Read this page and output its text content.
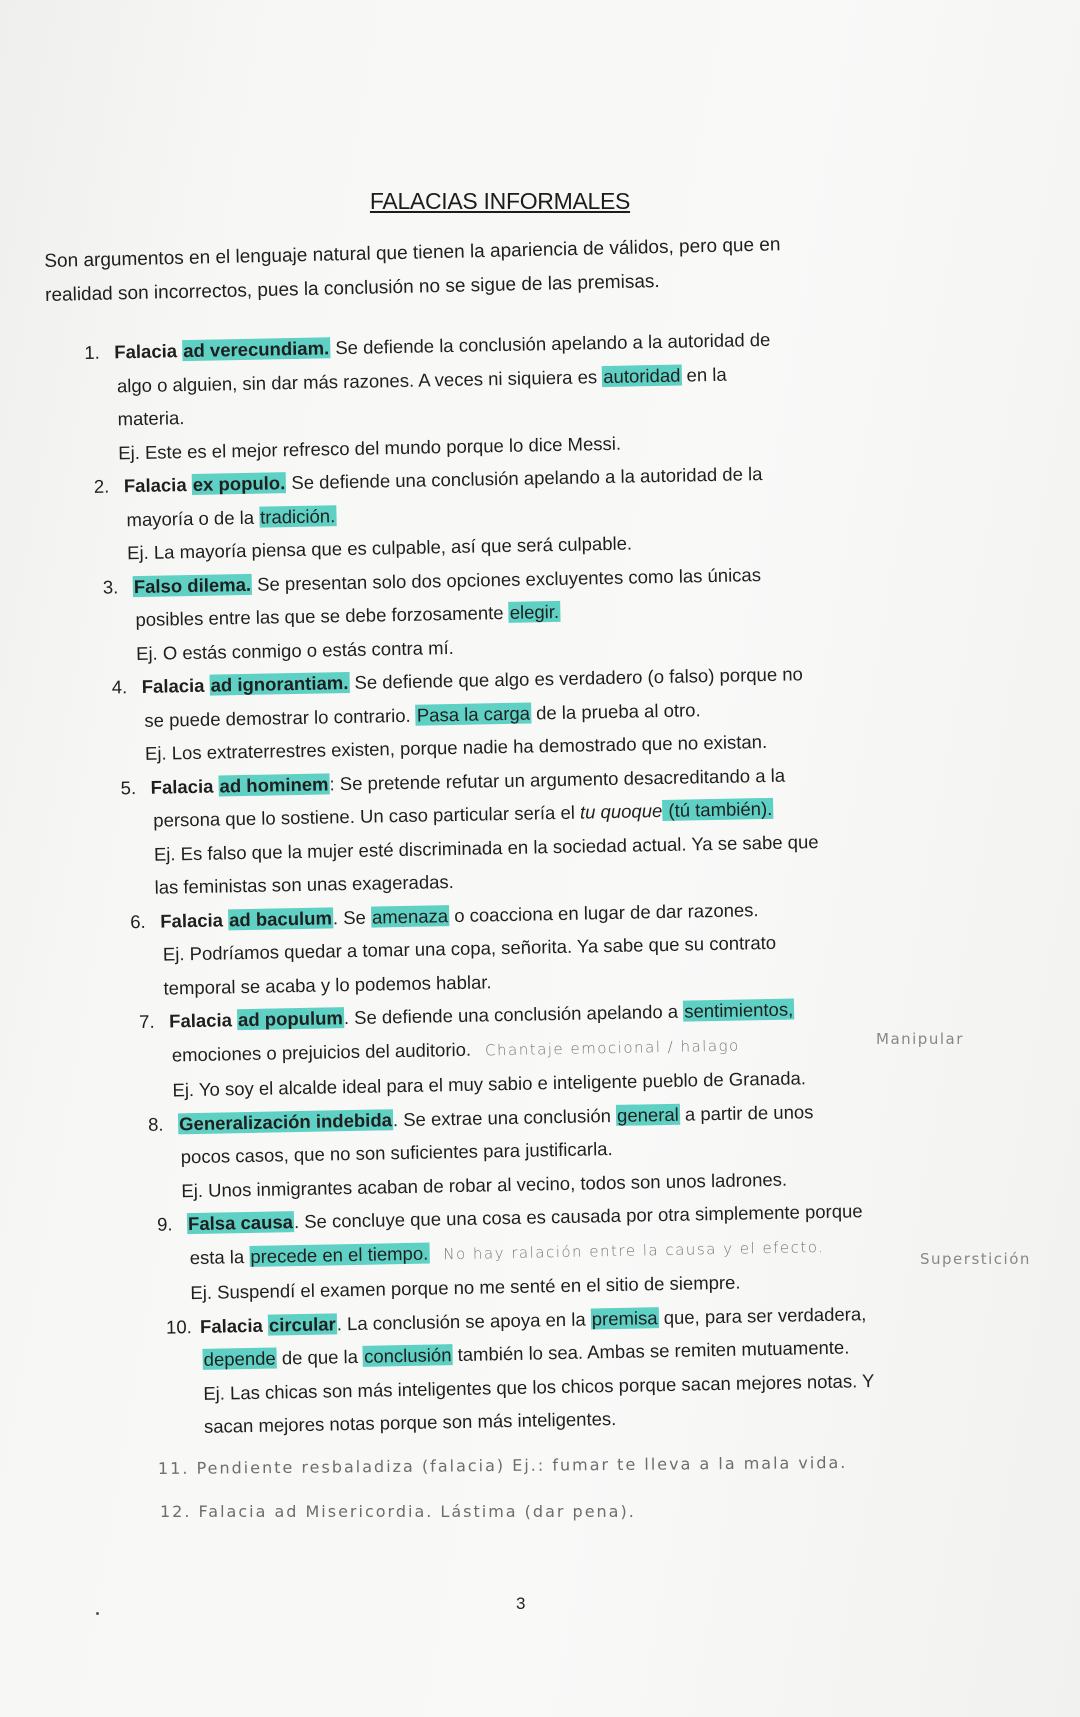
FALACIAS INFORMALES
Son argumentos en el lenguaje natural que tienen la apariencia de válidos, pero que en
realidad son incorrectos, pues la conclusión no se sigue de las premisas.
1. Falacia ad verecundiam. Se defiende la conclusión apelando a la autoridad de
algo o alguien, sin dar más razones. A veces ni siquiera es autoridad en la
materia.
Ej. Este es el mejor refresco del mundo porque lo dice Messi.
2. Falacia ex populo. Se defiende una conclusión apelando a la autoridad de la
mayoría o de la tradición.
Ej. La mayoría piensa que es culpable, así que será culpable.
3. Falso dilema. Se presentan solo dos opciones excluyentes como las únicas
posibles entre las que se debe forzosamente elegir.
Ej. O estás conmigo o estás contra mí.
4. Falacia ad ignorantiam. Se defiende que algo es verdadero (o falso) porque no
se puede demostrar lo contrario. Pasa la carga de la prueba al otro.
Ej. Los extraterrestres existen, porque nadie ha demostrado que no existan.
5. Falacia ad hominem: Se pretende refutar un argumento desacreditando a la
persona que lo sostiene. Un caso particular sería el tu quoque (tú también).
Ej. Es falso que la mujer esté discriminada en la sociedad actual. Ya se sabe que
las feministas son unas exageradas.
6. Falacia ad baculum. Se amenaza o coacciona en lugar de dar razones.
Ej. Podríamos quedar a tomar una copa, señorita. Ya sabe que su contrato
temporal se acaba y lo podemos hablar.
7. Falacia ad populum. Se defiende una conclusión apelando a sentimientos,
emociones o prejuicios del auditorio. Chantaje emocional / halago
Ej. Yo soy el alcalde ideal para el muy sabio e inteligente pueblo de Granada.
8. Generalización indebida. Se extrae una conclusión general a partir de unos
pocos casos, que no son suficientes para justificarla.
Ej. Unos inmigrantes acaban de robar al vecino, todos son unos ladrones.
9. Falsa causa. Se concluye que una cosa es causada por otra simplemente porque
esta la precede en el tiempo. No hay ralación entre la causa y el efecto.
Ej. Suspendí el examen porque no me senté en el sitio de siempre.
10. Falacia circular. La conclusión se apoya en la premisa que, para ser verdadera,
depende de que la conclusión también lo sea. Ambas se remiten mutuamente.
Ej. Las chicas son más inteligentes que los chicos porque sacan mejores notas. Y
sacan mejores notas porque son más inteligentes.
Manipular
Superstición
11. Pendiente resbaladiza (falacia) Ej.: fumar te lleva a la mala vida.
12. Falacia ad Misericordia. Lástima (dar pena).
3
